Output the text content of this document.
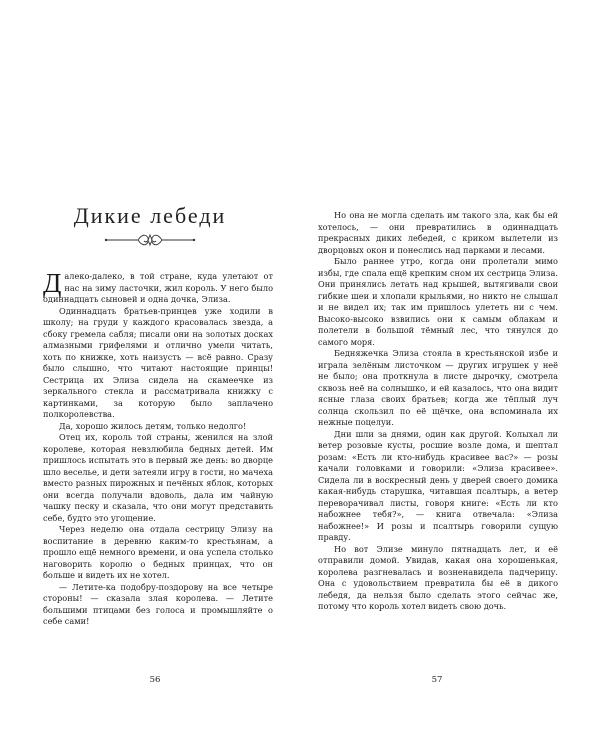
Дикие лебеди

Далеко-далеко, в той стране, куда улетают от нас на зиму ласточки, жил король. У него было одиннадцать сыновей и одна дочка, Элиза.

Одиннадцать братьев-принцев уже ходили в школу; на груди у каждого красовалась звезда, а сбоку гремела сабля; писали они на золотых досках алмазными грифелями и отлично умели читать, хоть по книжке, хоть наизусть — всё равно. Сразу было слышно, что читают настоящие принцы! Сестрица их Элиза сидела на скамеечке из зеркального стекла и рассматривала книжку с картинками, за которую было заплачено полкоролевства.

Да, хорошо жилось детям, только недолго!

Отец их, король той страны, женился на злой королеве, которая невзлюбила бедных детей. Им пришлось испытать это в первый же день: во дворце шло веселье, и дети затеяли игру в гости, но мачеха вместо разных пирожных и печёных яблок, которых они всегда получали вдоволь, дала им чайную чашку песку и сказала, что они могут представить себе, будто это угощение.

Через неделю она отдала сестрицу Элизу на воспитание в деревню каким-то крестьянам, а прошло ещё немного времени, и она успела столько наговорить королю о бедных принцах, что он больше и видеть их не хотел.

— Летите-ка подобру-поздорову на все четыре стороны! — сказала злая королева. — Летите большими птицами без голоса и промышляйте о себе сами!

56

Но она не могла сделать им такого зла, как бы ей хотелось, — они превратились в одиннадцать прекрасных диких лебедей, с криком вылетели из дворцовых окон и понеслись над парками и лесами.

Было раннее утро, когда они пролетали мимо избы, где спала ещё крепким сном их сестрица Элиза. Они принялись летать над крышей, вытягивали свои гибкие шеи и хлопали крыльями, но никто не слышал и не видел их; так им пришлось улететь ни с чем. Высоко-высоко взвились они к самым облакам и полетели в большой тёмный лес, что тянулся до самого моря.

Бедняжечка Элиза стояла в крестьянской избе и играла зелёным листочком — других игрушек у неё не было; она проткнула в листе дырочку, смотрела сквозь неё на солнышко, и ей казалось, что она видит ясные глаза своих братьев; когда же тёплый луч солнца скользил по её щёчке, она вспоминала их нежные поцелуи.

Дни шли за днями, один как другой. Колыхал ли ветер розовые кусты, росшие возле дома, и шептал розам: «Есть ли кто-нибудь красивее вас?» — розы качали головками и говорили: «Элиза красивее». Сидела ли в воскресный день у дверей своего домика какая-нибудь старушка, читавшая псалтырь, а ветер переворачивал листы, говоря книге: «Есть ли кто набожнее тебя?», — книга отвечала: «Элиза набожнее!» И розы и псалтырь говорили сущую правду.

Но вот Элизе минуло пятнадцать лет, и её отправили домой. Увидав, какая она хорошенькая, королева разгневалась и возненавидела падчерицу. Она с удовольствием превратила бы её в дикого лебедя, да нельзя было сделать этого сейчас же, потому что король хотел видеть свою дочь.

57
